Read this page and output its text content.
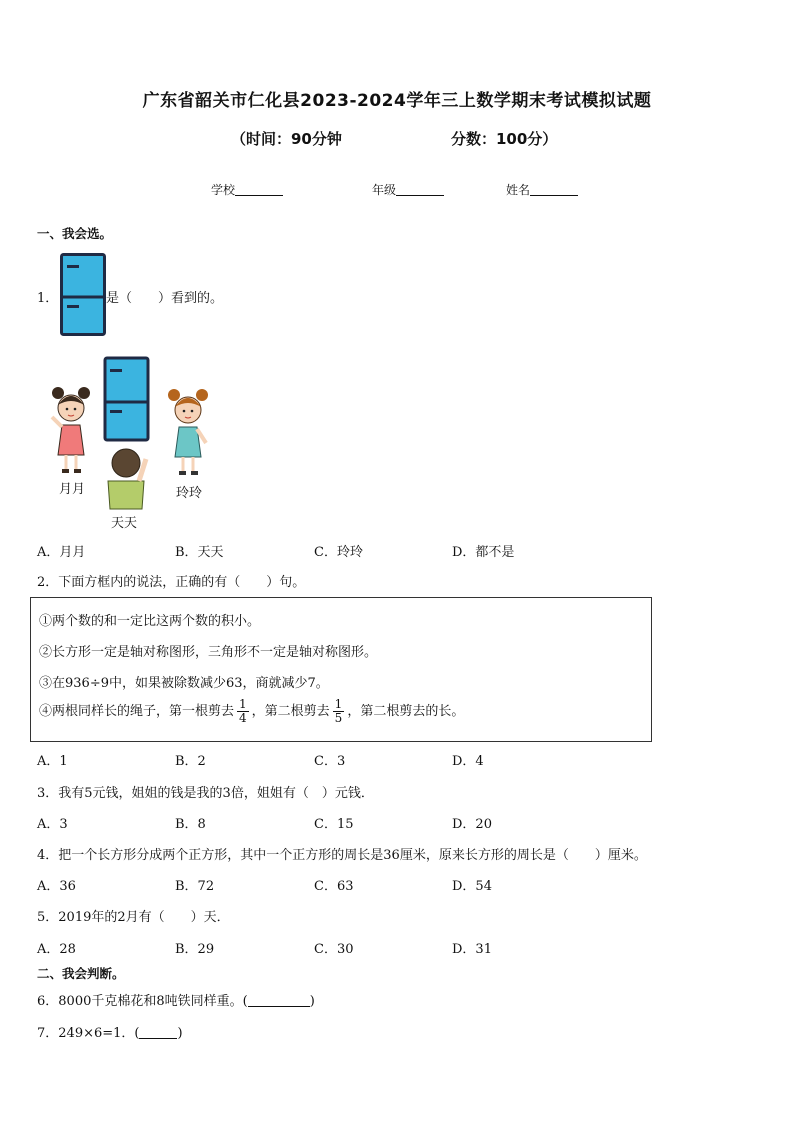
广东省韶关市仁化县2023-2024学年三上数学期末考试模拟试题
（时间：90分钟	分数：100分）
学校	年级	姓名
一、我会选。
1．	是（　　）看到的。
月月	玲玲
天天
A．月月	B．天天	C．玲玲	D．都不是
2．下面方框内的说法，正确的有（　　）句。
①两个数的和一定比这两个数的积小。
②长方形一定是轴对称图形，三角形不一定是轴对称图形。
③在936÷9中，如果被除数减少63，商就减少7。
④两根同样长的绳子，第一根剪去 $\frac{1}{4}$ ，第二根剪去 $\frac{1}{5}$ ，第二根剪去的长。
A．1	B．2	C．3	D．4
3．我有5元钱，姐姐的钱是我的3倍，姐姐有（　）元钱．
A．3	B．8	C．15	D．20
4．把一个长方形分成两个正方形，其中一个正方形的周长是36厘米，原来长方形的周长是（　　）厘米。
A．36	B．72	C．63	D．54
5．2019年的2月有（　　）天．
A．28	B．29	C．30	D．31
二、我会判断。
6．8000千克棉花和8吨铁同样重。(	)
7．249×6=1．(	)
